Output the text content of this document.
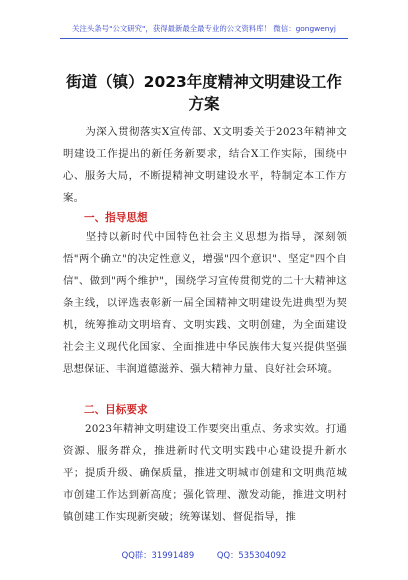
关注头条号"公文研究"，获得最新最全最专业的公文资料库！ 微信：gongwenyj
街道（镇）2023年度精神文明建设工作
方案
为深入贯彻落实X宣传部、X文明委关于2023年精神文明建设工作提出的新任务新要求，结合X工作实际，围绕中心、服务大局，不断提精神文明建设水平，特制定本工作方案。
一、指导思想
坚持以新时代中国特色社会主义思想为指导，深刻领悟"两个确立"的决定性意义，增强"四个意识"、坚定"四个自信"、做到"两个维护"，围绕学习宣传贯彻党的二十大精神这条主线，以评选表彰新一届全国精神文明建设先进典型为契机，统筹推动文明培育、文明实践、文明创建，为全面建设社会主义现代化国家、全面推进中华民族伟大复兴提供坚强思想保证、丰润道德滋养、强大精神力量、良好社会环境。
二、目标要求
2023年精神文明建设工作要突出重点、务求实效。打通资源、服务群众，推进新时代文明实践中心建设提升新水平；提质升级、确保质量，推进文明城市创建和文明典范城市创建工作达到新高度；强化管理、激发动能，推进文明村镇创建工作实现新突破；统筹谋划、督促指导，推
QQ群：31991489	QQ：535304092
